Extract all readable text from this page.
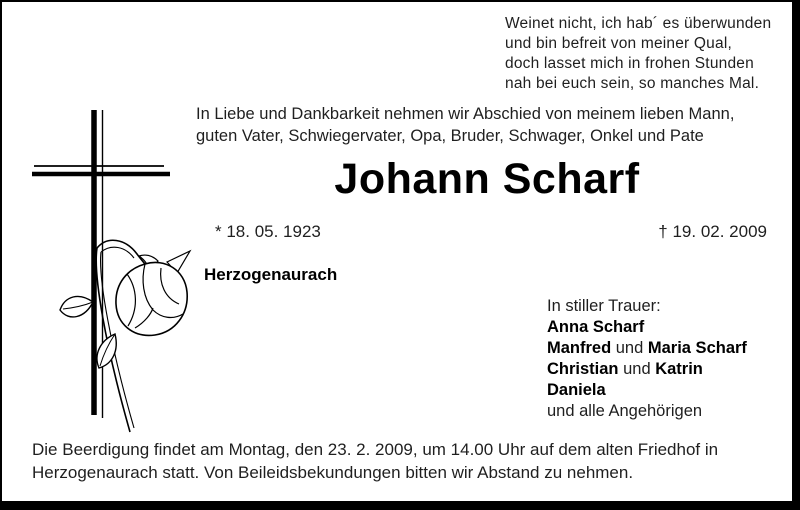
Weinet nicht, ich hab´ es überwunden
und bin befreit von meiner Qual,
doch lasset mich in frohen Stunden
nah bei euch sein, so manches Mal.
In Liebe und Dankbarkeit nehmen wir Abschied von meinem lieben Mann,
guten Vater, Schwiegervater, Opa, Bruder, Schwager, Onkel und Pate
Johann Scharf
* 18. 05. 1923	† 19. 02. 2009
Herzogenaurach
In stiller Trauer:
Anna Scharf
Manfred und Maria Scharf
Christian und Katrin
Daniela
und alle Angehörigen
Die Beerdigung findet am Montag, den 23. 2. 2009, um 14.00 Uhr auf dem alten Friedhof in
Herzogenaurach statt. Von Beileidsbekundungen bitten wir Abstand zu nehmen.
